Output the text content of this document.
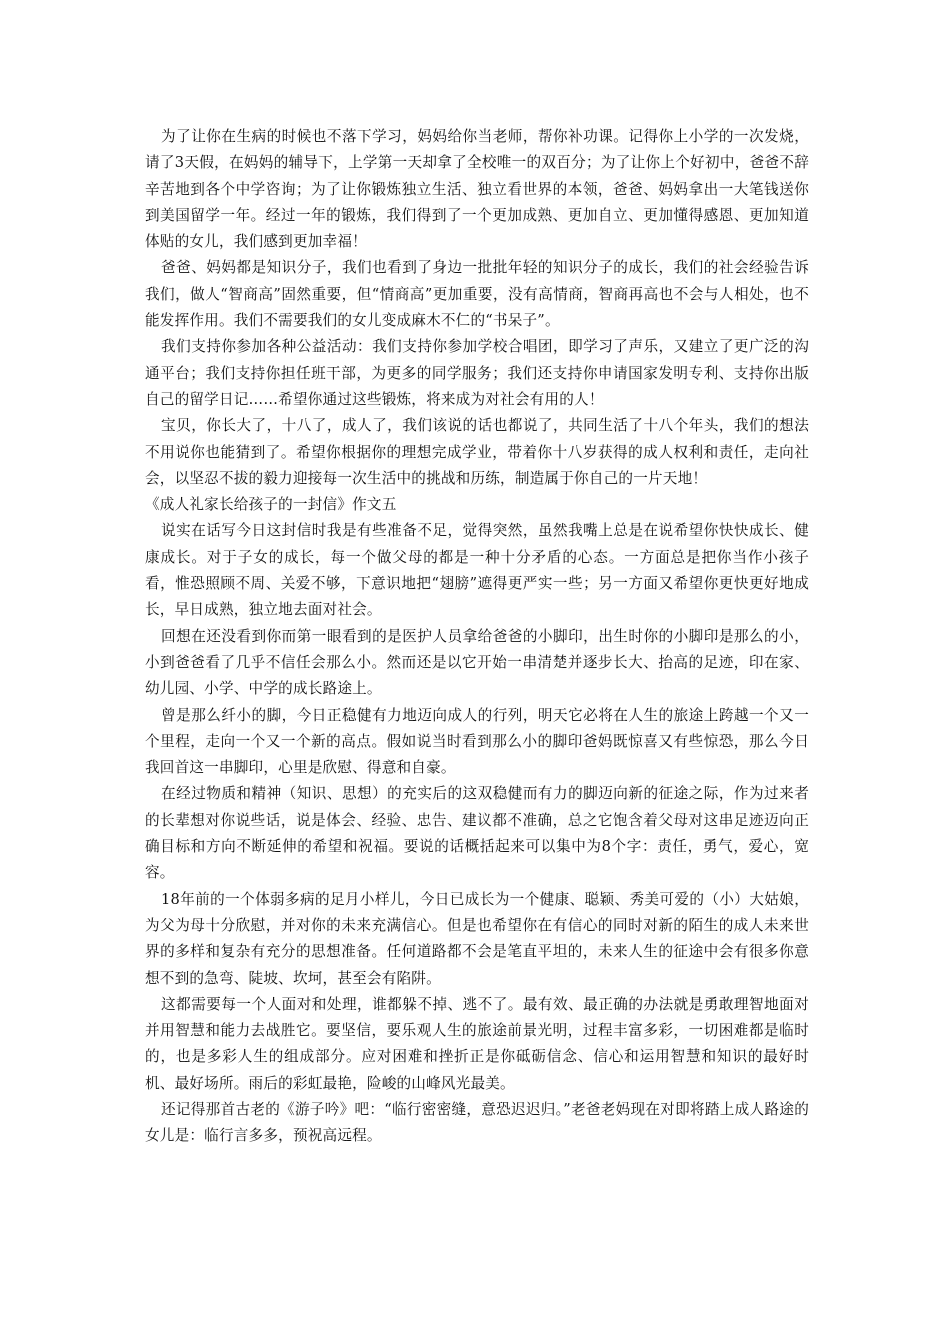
为了让你在生病的时候也不落下学习，妈妈给你当老师，帮你补功课。记得你上小学的一次发烧，请了3天假，在妈妈的辅导下，上学第一天却拿了全校唯一的双百分；为了让你上个好初中，爸爸不辞辛苦地到各个中学咨询；为了让你锻炼独立生活、独立看世界的本领，爸爸、妈妈拿出一大笔钱送你到美国留学一年。经过一年的锻炼，我们得到了一个更加成熟、更加自立、更加懂得感恩、更加知道体贴的女儿，我们感到更加幸福！

爸爸、妈妈都是知识分子，我们也看到了身边一批批年轻的知识分子的成长，我们的社会经验告诉我们，做人“智商高”固然重要，但“情商高”更加重要，没有高情商，智商再高也不会与人相处，也不能发挥作用。我们不需要我们的女儿变成麻木不仁的“书呆子”。

我们支持你参加各种公益活动：我们支持你参加学校合唱团，即学习了声乐，又建立了更广泛的沟通平台；我们支持你担任班干部，为更多的同学服务；我们还支持你申请国家发明专利、支持你出版自己的留学日记……希望你通过这些锻炼，将来成为对社会有用的人！

宝贝，你长大了，十八了，成人了，我们该说的话也都说了，共同生活了十八个年头，我们的想法不用说你也能猜到了。希望你根据你的理想完成学业，带着你十八岁获得的成人权利和责任，走向社会，以坚忍不拔的毅力迎接每一次生活中的挑战和历练，制造属于你自己的一片天地！

《成人礼家长给孩子的一封信》作文五

说实在话写今日这封信时我是有些准备不足，觉得突然，虽然我嘴上总是在说希望你快快成长、健康成长。对于子女的成长，每一个做父母的都是一种十分矛盾的心态。一方面总是把你当作小孩子看，惟恐照顾不周、关爱不够，下意识地把“翅膀”遮得更严实一些；另一方面又希望你更快更好地成长，早日成熟，独立地去面对社会。

回想在还没看到你而第一眼看到的是医护人员拿给爸爸的小脚印，出生时你的小脚印是那么的小，小到爸爸看了几乎不信任会那么小。然而还是以它开始一串清楚并逐步长大、抬高的足迹，印在家、幼儿园、小学、中学的成长路途上。

曾是那么纤小的脚，今日正稳健有力地迈向成人的行列，明天它必将在人生的旅途上跨越一个又一个里程，走向一个又一个新的高点。假如说当时看到那么小的脚印爸妈既惊喜又有些惊恐，那么今日我回首这一串脚印，心里是欣慰、得意和自豪。

在经过物质和精神（知识、思想）的充实后的这双稳健而有力的脚迈向新的征途之际，作为过来者的长辈想对你说些话，说是体会、经验、忠告、建议都不准确，总之它饱含着父母对这串足迹迈向正确目标和方向不断延伸的希望和祝福。要说的话概括起来可以集中为8个字：责任，勇气，爱心，宽容。

18年前的一个体弱多病的足月小样儿，今日已成长为一个健康、聪颖、秀美可爱的（小）大姑娘，为父为母十分欣慰，并对你的未来充满信心。但是也希望你在有信心的同时对新的陌生的成人未来世界的多样和复杂有充分的思想准备。任何道路都不会是笔直平坦的，未来人生的征途中会有很多你意想不到的急弯、陡坡、坎坷，甚至会有陷阱。

这都需要每一个人面对和处理，谁都躲不掉、逃不了。最有效、最正确的办法就是勇敢理智地面对并用智慧和能力去战胜它。要坚信，要乐观人生的旅途前景光明，过程丰富多彩，一切困难都是临时的，也是多彩人生的组成部分。应对困难和挫折正是你砥砺信念、信心和运用智慧和知识的最好时机、最好场所。雨后的彩虹最艳，险峻的山峰风光最美。

还记得那首古老的《游子吟》吧：“临行密密缝，意恐迟迟归。”老爸老妈现在对即将踏上成人路途的女儿是：临行言多多，预祝高远程。
